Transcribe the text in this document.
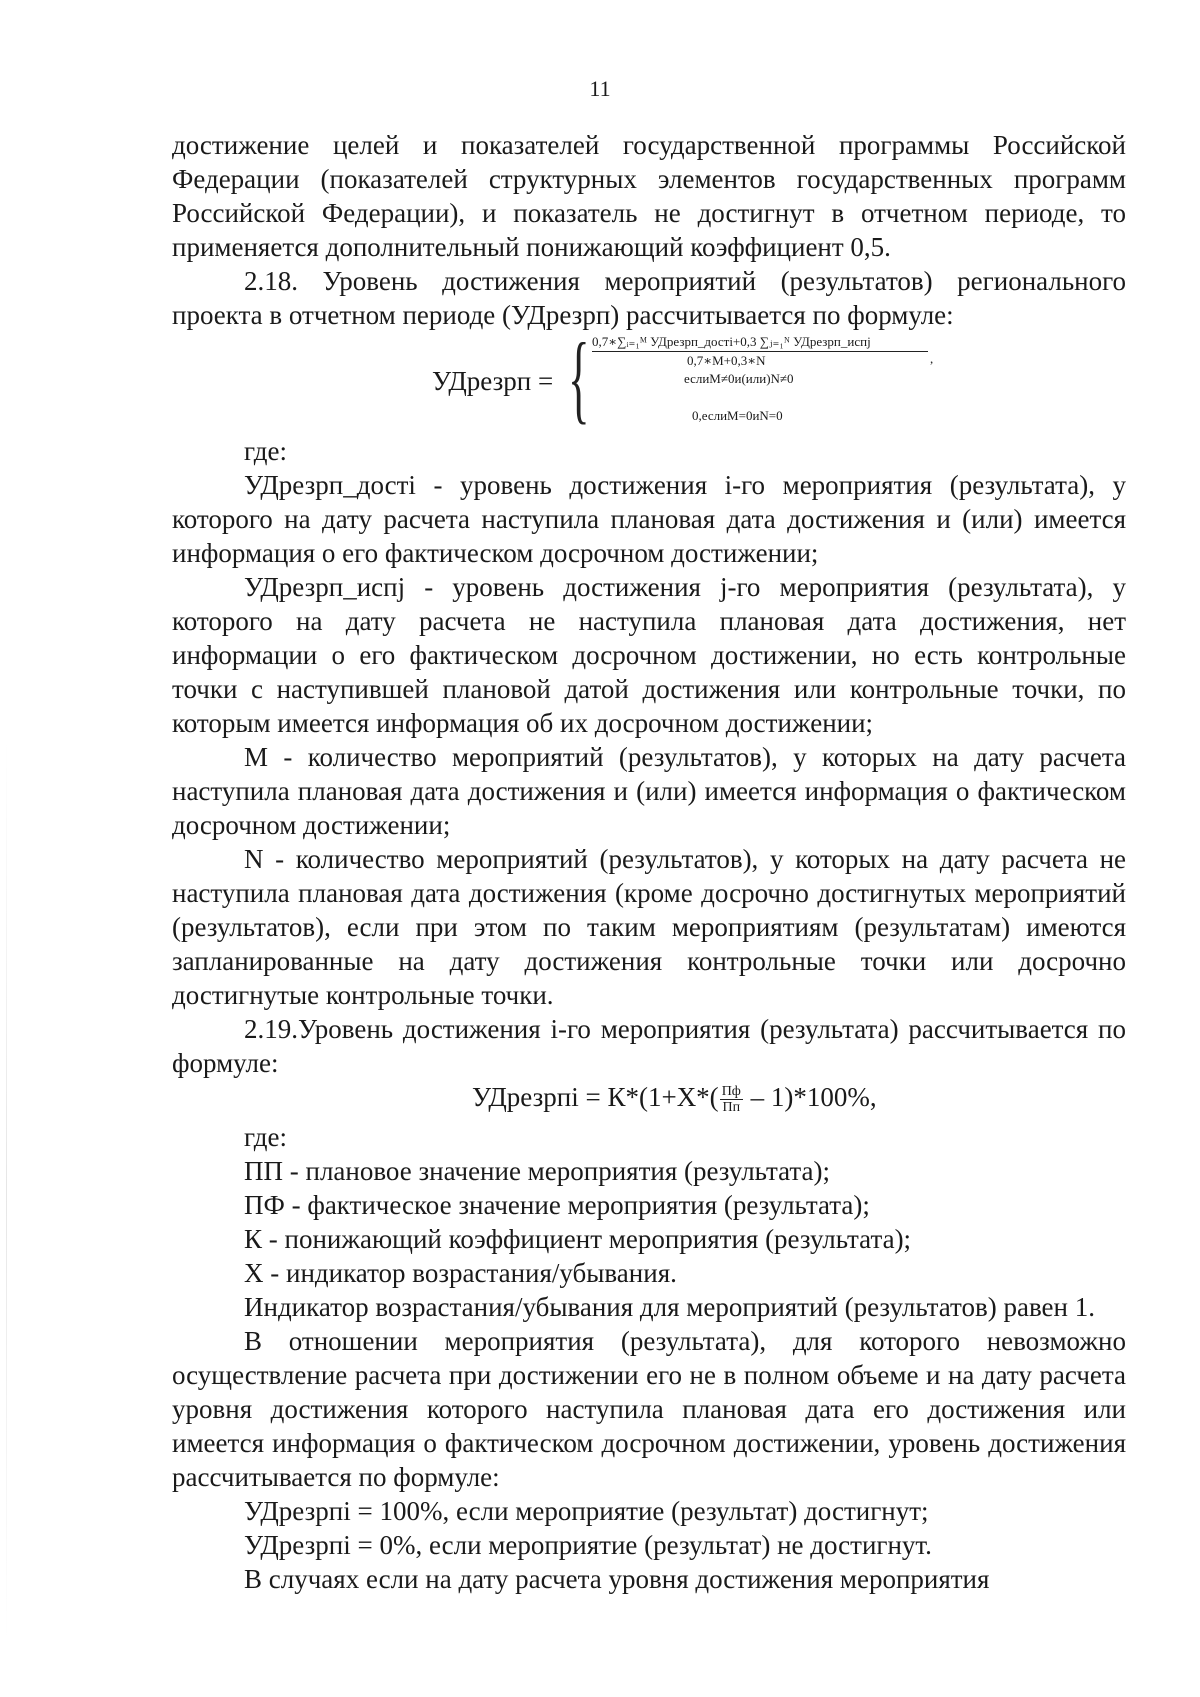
11

достижение целей и показателей государственной программы Российской Федерации (показателей структурных элементов государственных программ Российской Федерации), и показатель не достигнут в отчетном периоде, то применяется дополнительный понижающий коэффициент 0,5.

2.18. Уровень достижения мероприятий (результатов) регионального проекта в отчетном периоде (УДрезрп) рассчитывается по формуле:

УДрезрп = { 0,7∗∑ᵢ₌₁ᴹ УДрезрп_достi+0,3 ∑ⱼ₌₁ᴺ УДрезрп_испj
,
0,7∗M+0,3∗N
еслиM≠0и(или)N≠0
0,еслиM=0иN=0

где:

УДрезрп_дості - уровень достижения і-го мероприятия (результата), у которого на дату расчета наступила плановая дата достижения и (или) имеется информация о его фактическом досрочном достижении;

УДрезрп_испj - уровень достижения j-го мероприятия (результата), у которого на дату расчета не наступила плановая дата достижения, нет информации о его фактическом досрочном достижении, но есть контрольные точки с наступившей плановой датой достижения или контрольные точки, по которым имеется информация об их досрочном достижении;

M - количество мероприятий (результатов), у которых на дату расчета наступила плановая дата достижения и (или) имеется информация о фактическом досрочном достижении;

N - количество мероприятий (результатов), у которых на дату расчета не наступила плановая дата достижения (кроме досрочно достигнутых мероприятий (результатов), если при этом по таким мероприятиям (результатам) имеются запланированные на дату достижения контрольные точки или досрочно достигнутые контрольные точки.

2.19.Уровень достижения і-го мероприятия (результата) рассчитывается по формуле:

УДрезрпі = $К*(1+Х*( \frac{Пф}{Пп} - 1)*100\%$,

где:

ПП - плановое значение мероприятия (результата);

ПФ - фактическое значение мероприятия (результата);

К - понижающий коэффициент мероприятия (результата);

Х - индикатор возрастания/убывания.

Индикатор возрастания/убывания для мероприятий (результатов) равен 1.

В отношении мероприятия (результата), для которого невозможно осуществление расчета при достижении его не в полном объеме и на дату расчета уровня достижения которого наступила плановая дата его достижения или имеется информация о фактическом досрочном достижении, уровень достижения рассчитывается по формуле:

УДрезрпі = 100%, если мероприятие (результат) достигнут;

УДрезрпі = 0%, если мероприятие (результат) не достигнут.

В случаях если на дату расчета уровня достижения мероприятия
